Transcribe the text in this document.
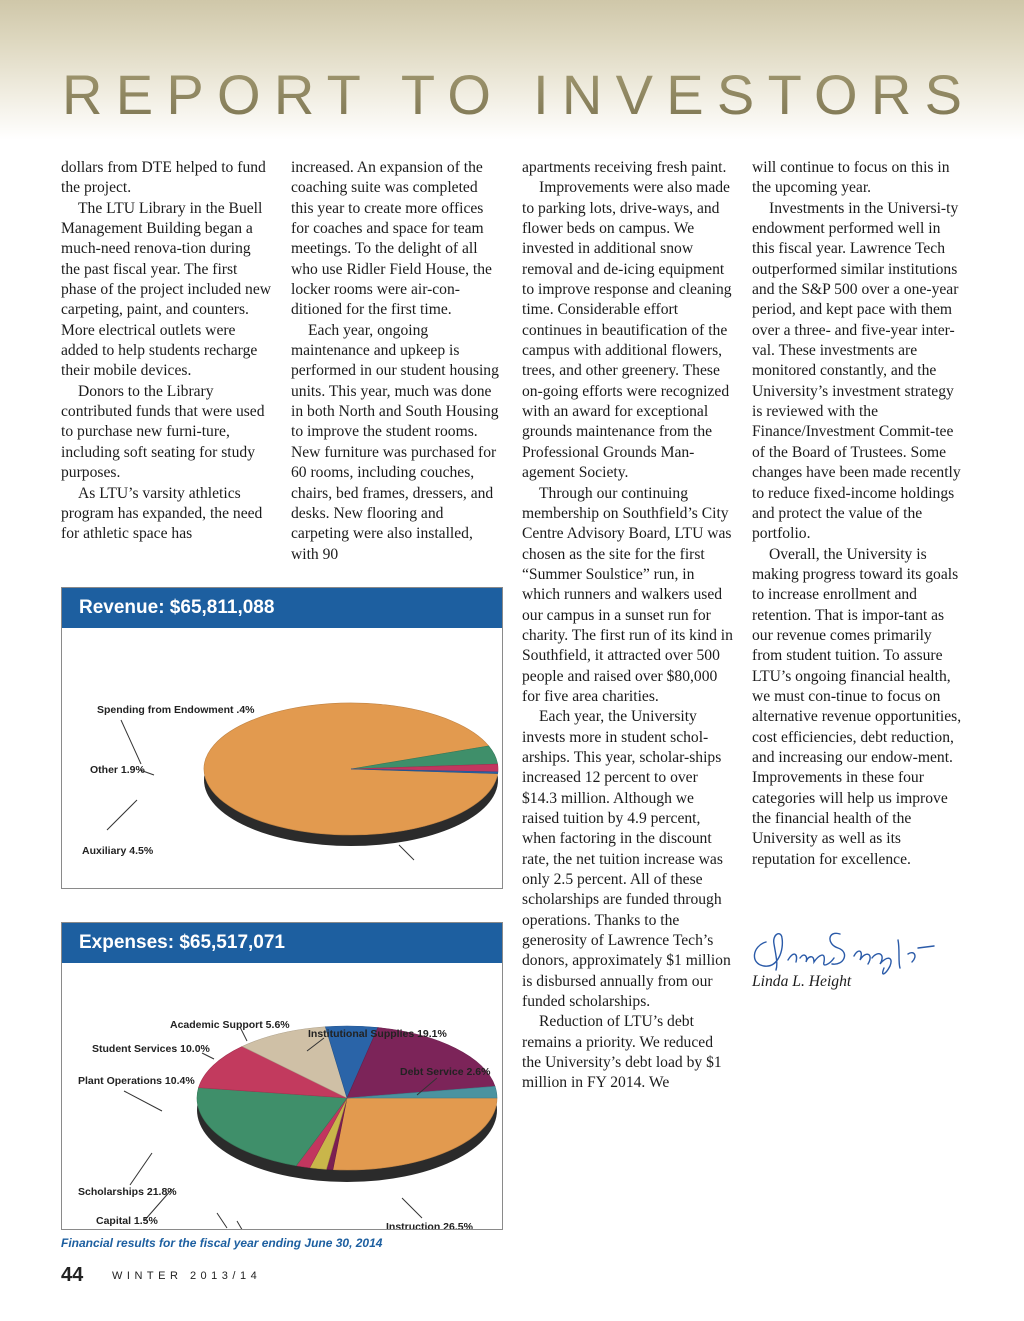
REPORT TO INVESTORS

dollars from DTE helped to fund the project.

The LTU Library in the Buell Management Building began a much-need renova-tion during the past fiscal year. The first phase of the project included new carpeting, paint, and counters. More electrical outlets were added to help students recharge their mobile devices.

Donors to the Library contributed funds that were used to purchase new furni-ture, including soft seating for study purposes.

As LTU’s varsity athletics program has expanded, the need for athletic space has

increased. An expansion of the coaching suite was completed this year to create more offices for coaches and space for team meetings. To the delight of all who use Ridler Field House, the locker rooms were air-con-ditioned for the first time.

Each year, ongoing maintenance and upkeep is performed in our student housing units. This year, much was done in both North and South Housing to improve the student rooms. New furniture was purchased for 60 rooms, including couches, chairs, bed frames, dressers, and desks. New flooring and carpeting were also installed, with 90

apartments receiving fresh paint.

Improvements were also made to parking lots, drive-ways, and flower beds on campus. We invested in additional snow removal and de-icing equipment to improve response and cleaning time. Considerable effort continues in beautification of the campus with additional flowers, trees, and other greenery. These on-going efforts were recognized with an award for exceptional grounds maintenance from the Professional Grounds Man-agement Society.

Through our continuing membership on Southfield’s City Centre Advisory Board, LTU was chosen as the site for the first “Summer Soulstice” run, in which runners and walkers used our campus in a sunset run for charity. The first run of its kind in Southfield, it attracted over 500 people and raised over $80,000 for five area charities.

Each year, the University invests more in student schol-arships. This year, scholar-ships increased 12 percent to over $14.3 million. Although we raised tuition by 4.9 percent, when factoring in the discount rate, the net tuition increase was only 2.5 percent. All of these scholarships are funded through operations. Thanks to the generosity of Lawrence Tech’s donors, approximately $1 million is disbursed annually from our funded scholarships.

Reduction of LTU’s debt remains a priority. We reduced the University’s debt load by $1 million in FY 2014. We

will continue to focus on this in the upcoming year.

Investments in the Universi-ty endowment performed well in this fiscal year. Lawrence Tech outperformed similar institutions and the S&P 500 over a one-year period, and kept pace with them over a three- and five-year inter-val. These investments are monitored constantly, and the University’s investment strategy is reviewed with the Finance/Investment Commit-tee of the Board of Trustees. Some changes have been made recently to reduce fixed-income holdings and protect the value of the portfolio.

Overall, the University is making progress toward its goals to increase enrollment and retention. That is impor-tant as our revenue comes primarily from student tuition. To assure LTU’s ongoing financial health, we must con-tinue to focus on alternative revenue opportunities, cost efficiencies, debt reduction, and increasing our endow-ment. Improvements in these four categories will help us improve the financial health of the University as well as its reputation for excellence.

Linda L. Height
Revenue: $65,811,088
Spending from Endowment .4%
Other 1.9%
Auxiliary 4.5%
Expenses: $65,517,071
Academic Support 5.6%
Student Services 10.0%
Plant Operations 10.4%
Scholarships 21.8%
Capital 1.5%
Institutional Supplies 19.1%
Debt Service 2.6%
Instruction 26.5%
Financial results for the fiscal year ending June 30, 2014
44	WINTER 2013/14
